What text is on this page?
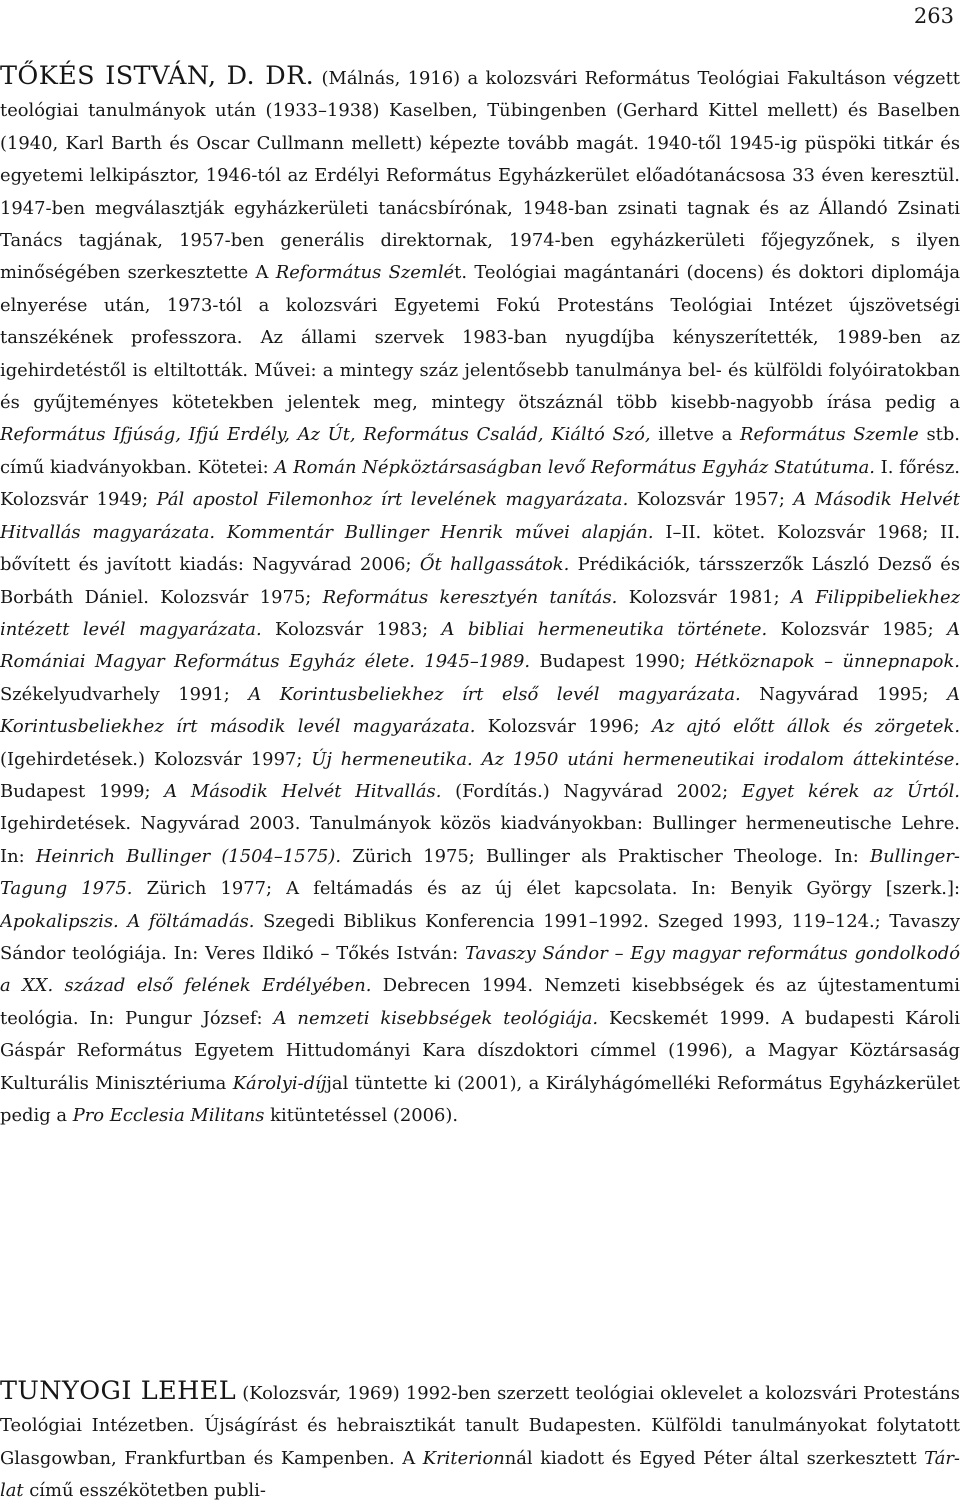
263

TŐKÉS ISTVÁN, D. DR. (Málnás, 1916) a kolozsvári Református Teológiai Fakultáson végzett teológiai tanulmányok után (1933–1938) Kaselben, Tübingenben (Gerhard Kittel mellett) és Baselben (1940, Karl Barth és Oscar Cullmann mellett) képezte tovább magát. 1940-től 1945-ig püspöki titkár és egyetemi lelkipásztor, 1946-tól az Erdélyi Református Egyházkerület előadótanácsosa 33 éven keresztül. 1947-ben megválasztják egyházkerületi tanácsbírónak, 1948-ban zsinati tagnak és az Állandó Zsinati Tanács tagjának, 1957-ben generális direktornak, 1974-ben egyházkerületi főjegyzőnek, s ilyen minőségében szerkesztette A Református Szemlét. Teológiai magántanári (docens) és doktori diplomája elnyerése után, 1973-tól a kolozsvári Egyetemi Fokú Protestáns Teológiai Intézet újszövetségi tanszékének professzora. Az állami szervek 1983-ban nyugdíjba kényszerítették, 1989-ben az igehirdetéstől is eltiltották. Művei: a mintegy száz jelentősebb tanulmánya bel- és külföldi folyóiratokban és gyűjteményes kötetekben jelentek meg, mintegy ötszáznál több kisebb-nagyobb írása pedig a Református Ifjúság, Ifjú Erdély, Az Út, Református Család, Kiáltó Szó, illetve a Református Szemle stb. című kiadványokban. Kötetei: A Román Népköztársaságban levő Református Egyház Statútuma. I. főrész. Kolozsvár 1949; Pál apostol Filemonhoz írt levelének magyarázata. Kolozsvár 1957; A Második Helvét Hitvallás magyarázata. Kommentár Bullinger Henrik művei alapján. I–II. kötet. Kolozsvár 1968; II. bővített és javított kiadás: Nagyvárad 2006; Őt hallgassátok. Prédikációk, társszerzők László Dezső és Borbáth Dániel. Kolozsvár 1975; Református keresztyén tanítás. Kolozsvár 1981; A Filippibeliekhez intézett levél magyarázata. Kolozsvár 1983; A bibliai hermeneutika története. Kolozsvár 1985; A Romániai Magyar Református Egyház élete. 1945–1989. Budapest 1990; Hétköznapok – ünnepnapok. Székelyudvarhely 1991; A Korintusbeliekhez írt első levél magyarázata. Nagyvárad 1995; A Korintusbeliekhez írt második levél magyarázata. Kolozsvár 1996; Az ajtó előtt állok és zörgetek. (Igehirdetések.) Kolozsvár 1997; Új hermeneutika. Az 1950 utáni hermeneutikai irodalom áttekintése. Budapest 1999; A Második Helvét Hitvallás. (Fordítás.) Nagyvárad 2002; Egyet kérek az Úrtól. Igehirdetések. Nagyvárad 2003. Tanulmányok közös kiadványokban: Bullinger hermeneutische Lehre. In: Heinrich Bullinger (1504–1575). Zürich 1975; Bullinger als Praktischer Theologe. In: Bullinger-Tagung 1975. Zürich 1977; A feltámadás és az új élet kapcsolata. In: Benyik György [szerk.]: Apokalipszis. A föltámadás. Szegedi Biblikus Konferencia 1991–1992. Szeged 1993, 119–124.; Tavaszy Sándor teológiája. In: Veres Ildikó – Tőkés István: Tavaszy Sándor – Egy magyar református gondolkodó a XX. század első felének Erdélyében. Debrecen 1994. Nemzeti kisebbségek és az újtestamentumi teológia. In: Pungur József: A nemzeti kisebbségek teológiája. Kecskemét 1999. A budapesti Károli Gáspár Református Egyetem Hittudományi Kara díszdoktori címmel (1996), a Magyar Köztársaság Kulturális Minisztériuma Károlyi-díjjal tüntette ki (2001), a Királyhágómelléki Református Egyházkerület pedig a Pro Ecclesia Militans kitüntetéssel (2006).

TUNYOGI LEHEL (Kolozsvár, 1969) 1992-ben szerzett teológiai oklevelet a kolozsvári Protestáns Teológiai Intézetben. Újságírást és hebraisztikát tanult Budapesten. Külföldi tanulmányokat folytatott Glasgowban, Frankfurtban és Kampenben. A Kriterionnál kiadott és Egyed Péter által szerkesztett Tár-lat című esszékötetben publi-
